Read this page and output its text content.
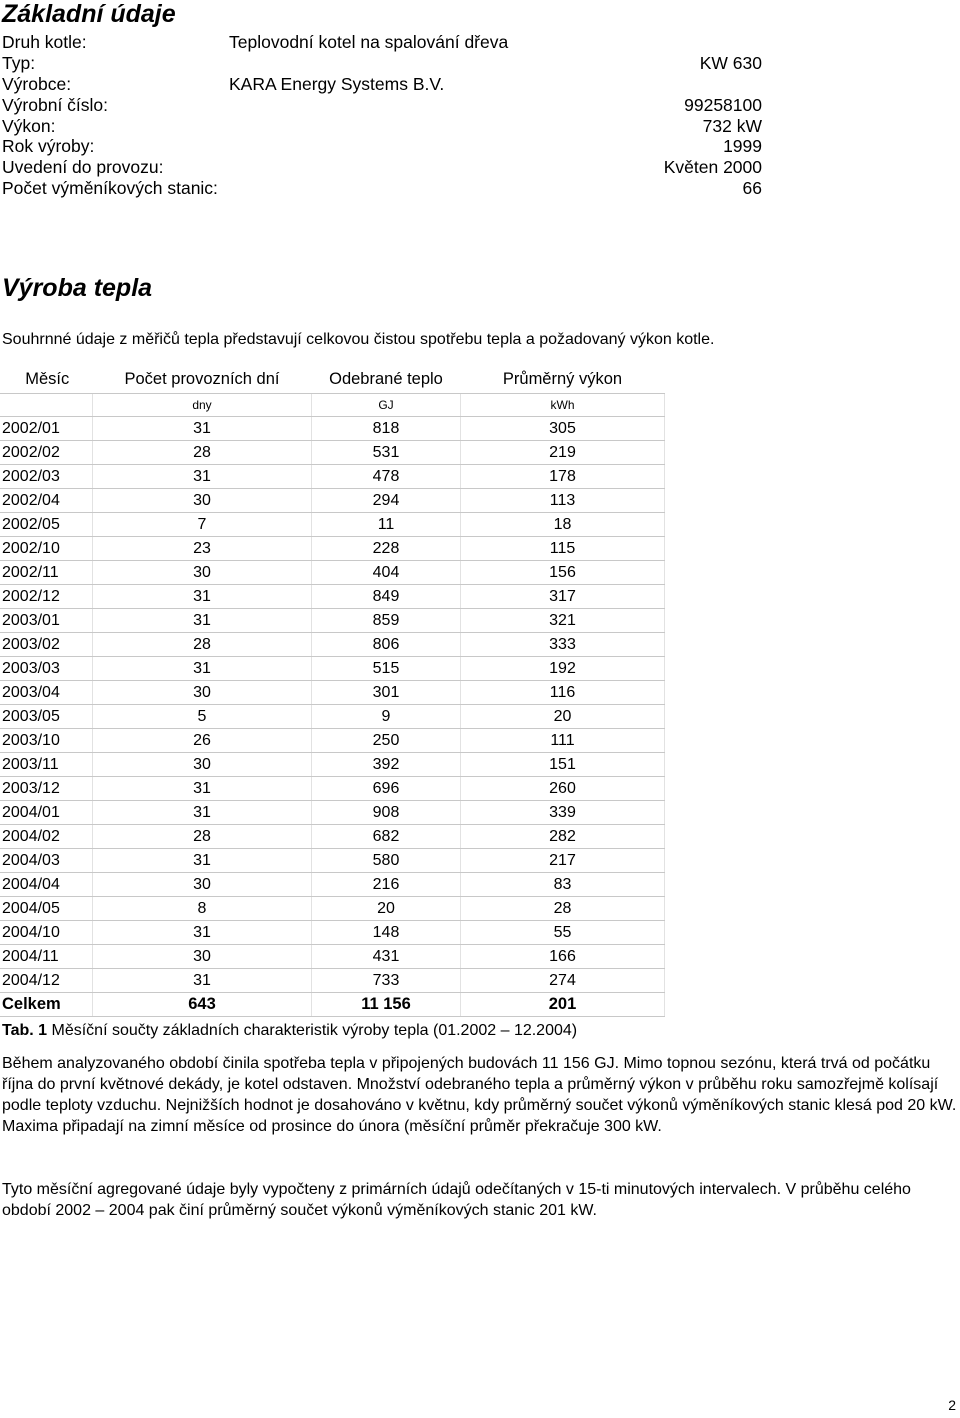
Základní údaje
Druh kotle:	Teplovodní kotel na spalování dřeva
Typ:	KW 630
Výrobce:	KARA Energy Systems B.V.
Výrobní číslo:	99258100
Výkon:	732 kW
Rok výroby:	1999
Uvedení do provozu:	Květen 2000
Počet výměníkových stanic:	66
Výroba tepla
Souhrnné údaje z měřičů tepla představují celkovou čistou spotřebu tepla a požadovaný výkon kotle.
Měsíc	Počet provozních dní	Odebrané teplo	Průměrný výkon
	dny	GJ	kWh
2002/01	31	818	305
2002/02	28	531	219
2002/03	31	478	178
2002/04	30	294	113
2002/05	7	11	18
2002/10	23	228	115
2002/11	30	404	156
2002/12	31	849	317
2003/01	31	859	321
2003/02	28	806	333
2003/03	31	515	192
2003/04	30	301	116
2003/05	5	9	20
2003/10	26	250	111
2003/11	30	392	151
2003/12	31	696	260
2004/01	31	908	339
2004/02	28	682	282
2004/03	31	580	217
2004/04	30	216	83
2004/05	8	20	28
2004/10	31	148	55
2004/11	30	431	166
2004/12	31	733	274
Celkem	643	11 156	201
Tab. 1 Měsíční součty základních charakteristik výroby tepla (01.2002 – 12.2004)

Během analyzovaného období činila spotřeba tepla v připojených budovách 11 156 GJ. Mimo topnou sezónu, která trvá od počátku října do první květnové dekády, je kotel odstaven. Množství odebraného tepla a průměrný výkon v průběhu roku samozřejmě kolísají podle teploty vzduchu. Nejnižších hodnot je dosahováno v květnu, kdy průměrný součet výkonů výměníkových stanic klesá pod 20 kW. Maxima připadají na zimní měsíce od prosince do února (měsíční průměr překračuje 300 kW.

Tyto měsíční agregované údaje byly vypočteny z primárních údajů odečítaných v 15-ti minutových intervalech. V průběhu celého období 2002 – 2004 pak činí průměrný součet výkonů výměníkových stanic 201 kW.

2
